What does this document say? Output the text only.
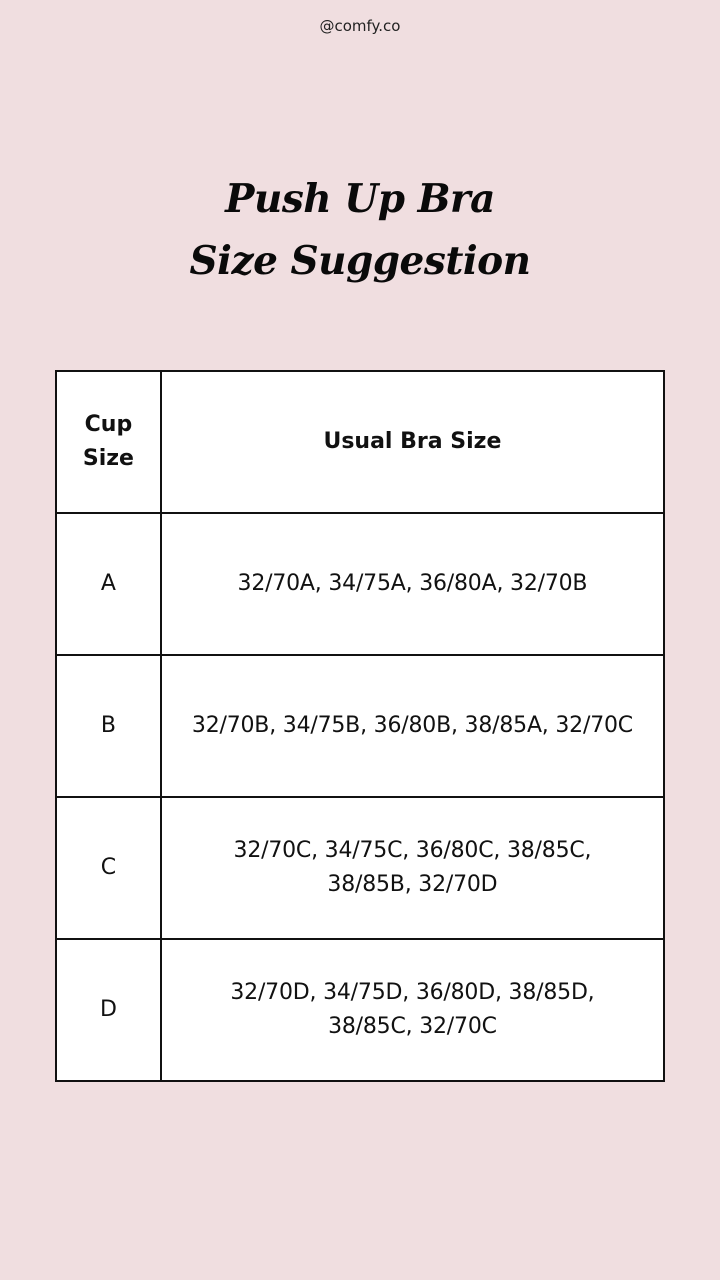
@comfy.co
Push Up Bra
Size Suggestion
Cup
Size	Usual Bra Size
A	32/70A, 34/75A, 36/80A, 32/70B

B	32/70B, 34/75B, 36/80B, 38/85A, 32/70C

C	32/70C, 34/75C, 36/80C, 38/85C,
38/85B, 32/70D

D	32/70D, 34/75D, 36/80D, 38/85D,
38/85C, 32/70C
